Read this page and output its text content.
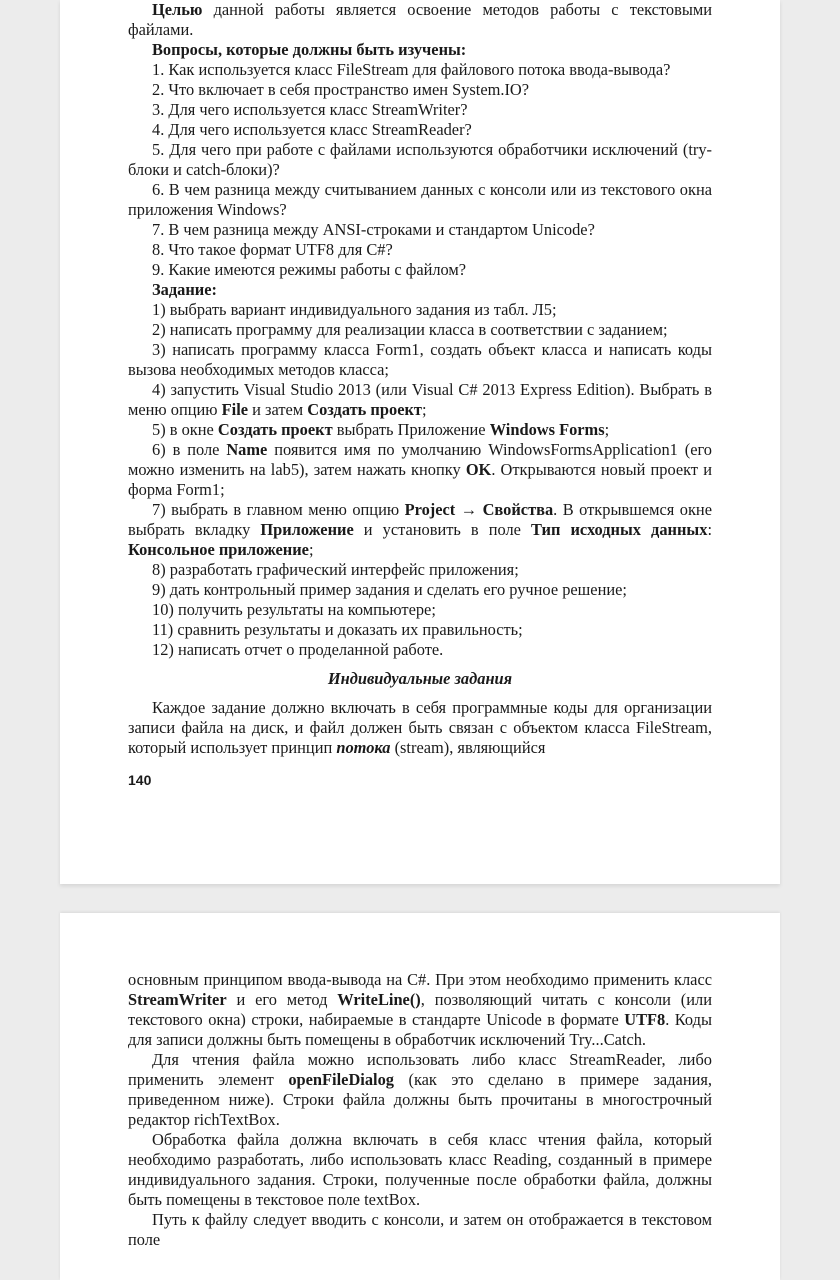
Целью данной работы является освоение методов работы с текстовыми файлами.

Вопросы, которые должны быть изучены:

1. Как используется класс FileStream для файлового потока ввода-вывода?

2. Что включает в себя пространство имен System.IO?

3. Для чего используется класс StreamWriter?

4. Для чего используется класс StreamReader?

5. Для чего при работе с файлами используются обработчики исключений (try-блоки и catch-блоки)?

6. В чем разница между считыванием данных с консоли или из текстового окна приложения Windows?

7. В чем разница между ANSI-строками и стандартом Unicode?

8. Что такое формат UTF8 для C#?

9. Какие имеются режимы работы с файлом?

Задание:

1) выбрать вариант индивидуального задания из табл. Л5;

2) написать программу для реализации класса в соответствии с заданием;

3) написать программу класса Form1, создать объект класса и написать коды вызова необходимых методов класса;

4) запустить Visual Studio 2013 (или Visual C# 2013 Express Edition). Выбрать в меню опцию File и затем Создать проект;

5) в окне Создать проект выбрать Приложение Windows Forms;

6) в поле Name появится имя по умолчанию WindowsFormsApplication1 (его можно изменить на lab5), затем нажать кнопку OK. Открываются новый проект и форма Form1;

7) выбрать в главном меню опцию Project → Свойства. В открывшемся окне выбрать вкладку Приложение и установить в поле Тип исходных данных: Консольное приложение;

8) разработать графический интерфейс приложения;

9) дать контрольный пример задания и сделать его ручное решение;

10) получить результаты на компьютере;

11) сравнить результаты и доказать их правильность;

12) написать отчет о проделанной работе.

Индивидуальные задания

Каждое задание должно включать в себя программные коды для организации записи файла на диск, и файл должен быть связан с объектом класса FileStream, который использует принцип потока (stream), являющийся

140

основным принципом ввода-вывода на C#. При этом необходимо применить класс StreamWriter и его метод WriteLine(), позволяющий читать с консоли (или текстового окна) строки, набираемые в стандарте Unicode в формате UTF8. Коды для записи должны быть помещены в обработчик исключений Try...Catch.

Для чтения файла можно использовать либо класс StreamReader, либо применить элемент openFileDialog (как это сделано в примере задания, приведенном ниже). Строки файла должны быть прочитаны в многострочный редактор richTextBox.

Обработка файла должна включать в себя класс чтения файла, который необходимо разработать, либо использовать класс Reading, созданный в примере индивидуального задания. Строки, полученные после обработки файла, должны быть помещены в текстовое поле textBox.

Путь к файлу следует вводить с консоли, и затем он отображается в текстовом поле
